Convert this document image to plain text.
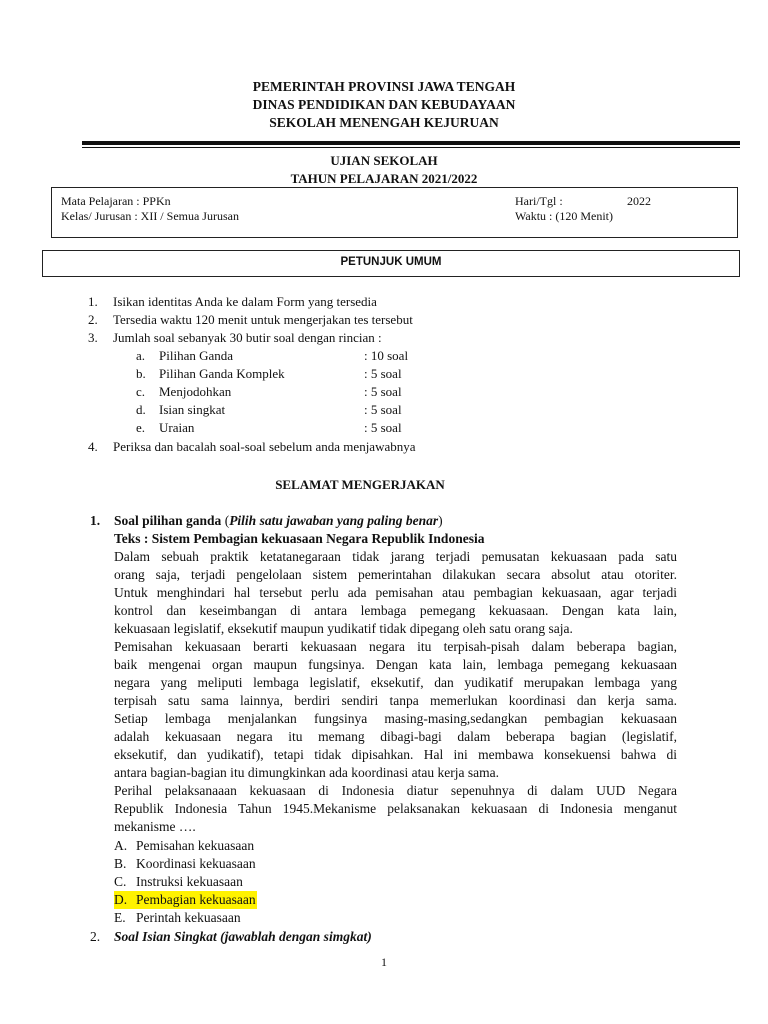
PEMERINTAH PROVINSI JAWA TENGAH
DINAS PENDIDIKAN DAN KEBUDAYAAN
SEKOLAH MENENGAH KEJURUAN
UJIAN SEKOLAH
TAHUN PELAJARAN 2021/2022
Mata Pelajaran : PPKn
Kelas/ Jurusan : XII / Semua Jurusan
Hari/Tgl :	2022
Waktu : (120 Menit)
PETUNJUK UMUM
1. Isikan identitas Anda ke dalam Form yang tersedia
2. Tersedia waktu 120 menit untuk mengerjakan tes tersebut
3. Jumlah soal sebanyak 30 butir soal dengan rincian :
a. Pilihan Ganda	: 10 soal
b. Pilihan Ganda Komplek	: 5 soal
c. Menjodohkan	: 5 soal
d. Isian singkat	: 5 soal
e. Uraian	: 5 soal
4. Periksa dan bacalah soal-soal sebelum anda menjawabnya
SELAMAT MENGERJAKAN
1. Soal pilihan ganda (Pilih satu jawaban yang paling benar)
Teks : Sistem Pembagian kekuasaan Negara Republik Indonesia
Dalam sebuah praktik ketatanegaraan tidak jarang terjadi pemusatan kekuasaan pada satu
orang saja, terjadi pengelolaan sistem pemerintahan dilakukan secara absolut atau otoriter.
Untuk menghindari hal tersebut perlu ada pemisahan atau pembagian kekuasaan, agar terjadi
kontrol dan keseimbangan di antara lembaga pemegang kekuasaan. Dengan kata lain,
kekuasaan legislatif, eksekutif maupun yudikatif tidak dipegang oleh satu orang saja.
Pemisahan kekuasaan berarti kekuasaan negara itu terpisah-pisah dalam beberapa bagian,
baik mengenai organ maupun fungsinya. Dengan kata lain, lembaga pemegang kekuasaan
negara yang meliputi lembaga legislatif, eksekutif, dan yudikatif merupakan lembaga yang
terpisah satu sama lainnya, berdiri sendiri tanpa memerlukan koordinasi dan kerja sama.
Setiap lembaga menjalankan fungsinya masing-masing,sedangkan pembagian kekuasaan
adalah kekuasaan negara itu memang dibagi-bagi dalam beberapa bagian (legislatif,
eksekutif, dan yudikatif), tetapi tidak dipisahkan. Hal ini membawa konsekuensi bahwa di
antara bagian-bagian itu dimungkinkan ada koordinasi atau kerja sama.
Perihal pelaksanaaan kekuasaan di Indonesia diatur sepenuhnya di dalam UUD Negara
Republik Indonesia Tahun 1945.Mekanisme pelaksanakan kekuasaan di Indonesia menganut
mekanisme ….
A. Pemisahan kekuasaan
B. Koordinasi kekuasaan
C. Instruksi kekuasaan
D. Pembagian kekuasaan
E. Perintah kekuasaan
2. Soal Isian Singkat (jawablah dengan simgkat)
1
